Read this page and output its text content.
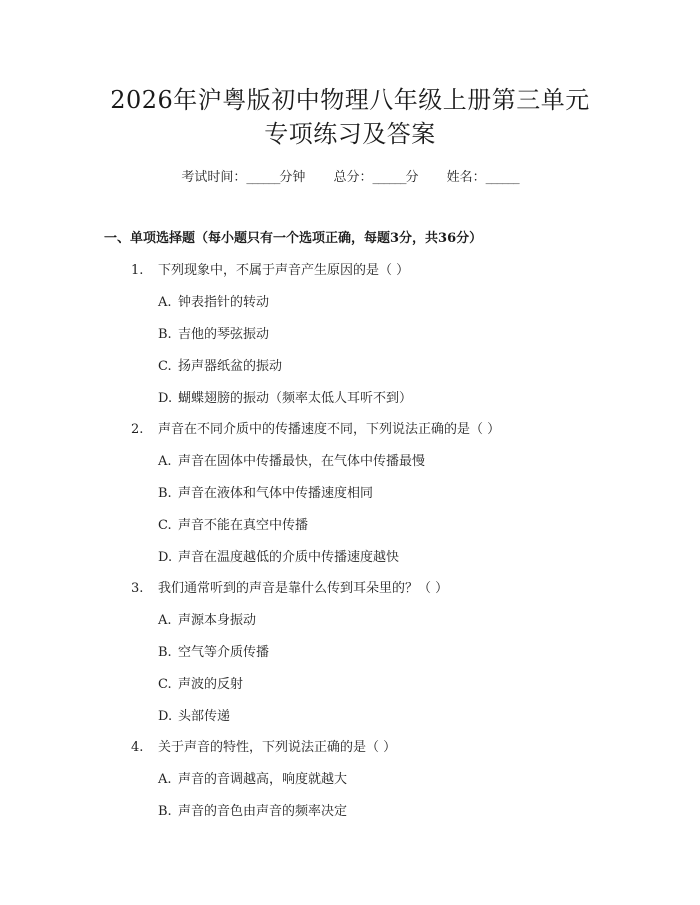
2026年沪粤版初中物理八年级上册第三单元
专项练习及答案
考试时间：______分钟 总分：______分 姓名：______
一、单项选择题（每小题只有一个选项正确，每题3分，共36分）
1. 下列现象中，不属于声音产生原因的是（ ）
A. 钟表指针的转动
B. 吉他的琴弦振动
C. 扬声器纸盆的振动
D. 蝴蝶翅膀的振动（频率太低人耳听不到）
2. 声音在不同介质中的传播速度不同，下列说法正确的是（ ）
A. 声音在固体中传播最快，在气体中传播最慢
B. 声音在液体和气体中传播速度相同
C. 声音不能在真空中传播
D. 声音在温度越低的介质中传播速度越快
3. 我们通常听到的声音是靠什么传到耳朵里的？（ ）
A. 声源本身振动
B. 空气等介质传播
C. 声波的反射
D. 头部传递
4. 关于声音的特性，下列说法正确的是（ ）
A. 声音的音调越高，响度就越大
B. 声音的音色由声音的频率决定
